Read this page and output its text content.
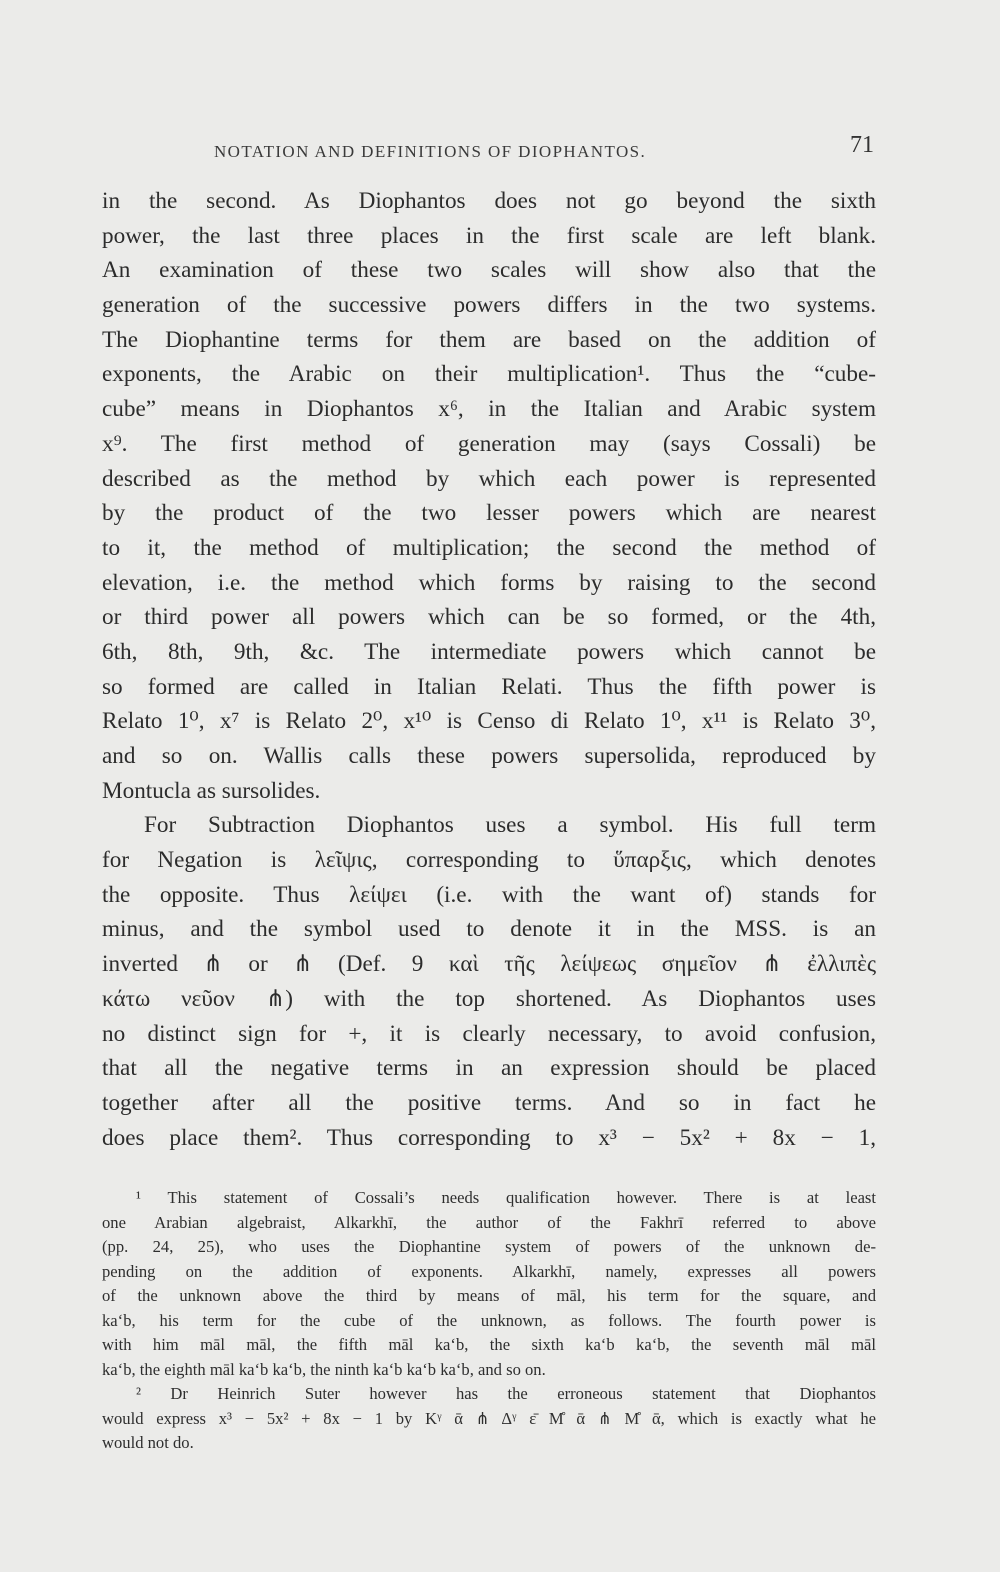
NOTATION AND DEFINITIONS OF DIOPHANTOS.	71
in the second. As Diophantos does not go beyond the sixth
power, the last three places in the first scale are left blank.
An examination of these two scales will show also that the
generation of the successive powers differs in the two systems.
The Diophantine terms for them are based on the addition of
exponents, the Arabic on their multiplication¹. Thus the “cube-
cube” means in Diophantos x⁶, in the Italian and Arabic system
x⁹. The first method of generation may (says Cossali) be
described as the method by which each power is represented
by the product of the two lesser powers which are nearest
to it, the method of multiplication; the second the method of
elevation, i.e. the method which forms by raising to the second
or third power all powers which can be so formed, or the 4th,
6th, 8th, 9th, &c. The intermediate powers which cannot be
so formed are called in Italian Relati. Thus the fifth power is
Relato 1⁰, x⁷ is Relato 2⁰, x¹⁰ is Censo di Relato 1⁰, x¹¹ is Relato 3⁰,
and so on. Wallis calls these powers supersolida, reproduced by
Montucla as sursolides.
For Subtraction Diophantos uses a symbol. His full term
for Negation is λεῖψις, corresponding to ὕπαρξις, which denotes
the opposite. Thus λείψει (i.e. with the want of) stands for
minus, and the symbol used to denote it in the MSS. is an
inverted ⋔ or ⋔ (Def. 9 καὶ τῆς λείψεως σημεῖον ⋔ ἐλλιπὲς
κάτω νεῦον ⋔) with the top shortened. As Diophantos uses
no distinct sign for +, it is clearly necessary, to avoid confusion,
that all the negative terms in an expression should be placed
together after all the positive terms. And so in fact he
does place them². Thus corresponding to x³ − 5x² + 8x − 1,
¹ This statement of Cossali’s needs qualification however. There is at least
one Arabian algebraist, Alkarkhī, the author of the Fakhrī referred to above
(pp. 24, 25), who uses the Diophantine system of powers of the unknown de-
pending on the addition of exponents. Alkarkhī, namely, expresses all powers
of the unknown above the third by means of māl, his term for the square, and
ka‘b, his term for the cube of the unknown, as follows. The fourth power is
with him māl māl, the fifth māl ka‘b, the sixth ka‘b ka‘b, the seventh māl māl
ka‘b, the eighth māl ka‘b ka‘b, the ninth ka‘b ka‘b ka‘b, and so on.
² Dr Heinrich Suter however has the erroneous statement that Diophantos
would express x³ − 5x² + 8x − 1 by Κᵞ ᾱ ⋔ Δᵞ ε̄ Μ̊ ᾱ ⋔ Μ̊ ᾱ, which is exactly what he
would not do.
